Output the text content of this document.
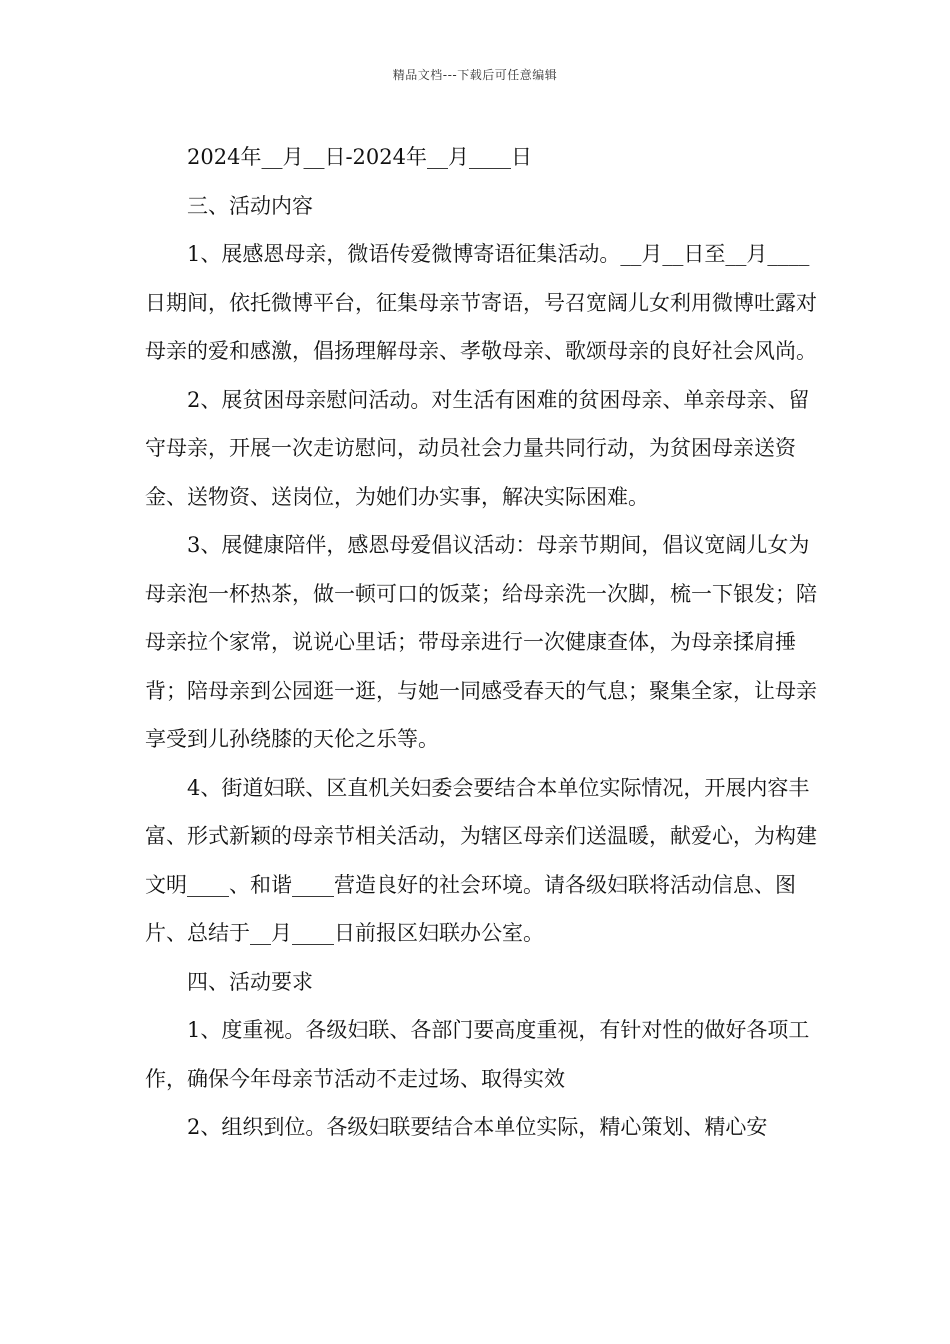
精品文档---下载后可任意编辑

2024年__月__日-2024年__月____日

三、活动内容

1、展感恩母亲，微语传爱微博寄语征集活动。__月__日至__月____日期间，依托微博平台，征集母亲节寄语，号召宽阔儿女利用微博吐露对母亲的爱和感激，倡扬理解母亲、孝敬母亲、歌颂母亲的良好社会风尚。

2、展贫困母亲慰问活动。对生活有困难的贫困母亲、单亲母亲、留守母亲，开展一次走访慰问，动员社会力量共同行动，为贫困母亲送资金、送物资、送岗位，为她们办实事，解决实际困难。

3、展健康陪伴，感恩母爱倡议活动：母亲节期间，倡议宽阔儿女为母亲泡一杯热茶，做一顿可口的饭菜；给母亲洗一次脚，梳一下银发；陪母亲拉个家常，说说心里话；带母亲进行一次健康查体，为母亲揉肩捶背；陪母亲到公园逛一逛，与她一同感受春天的气息；聚集全家，让母亲享受到儿孙绕膝的天伦之乐等。

4、街道妇联、区直机关妇委会要结合本单位实际情况，开展内容丰富、形式新颖的母亲节相关活动，为辖区母亲们送温暖，献爱心，为构建文明____、和谐____营造良好的社会环境。请各级妇联将活动信息、图片、总结于__月____日前报区妇联办公室。

四、活动要求

1、度重视。各级妇联、各部门要高度重视，有针对性的做好各项工作，确保今年母亲节活动不走过场、取得实效

2、组织到位。各级妇联要结合本单位实际，精心策划、精心安
